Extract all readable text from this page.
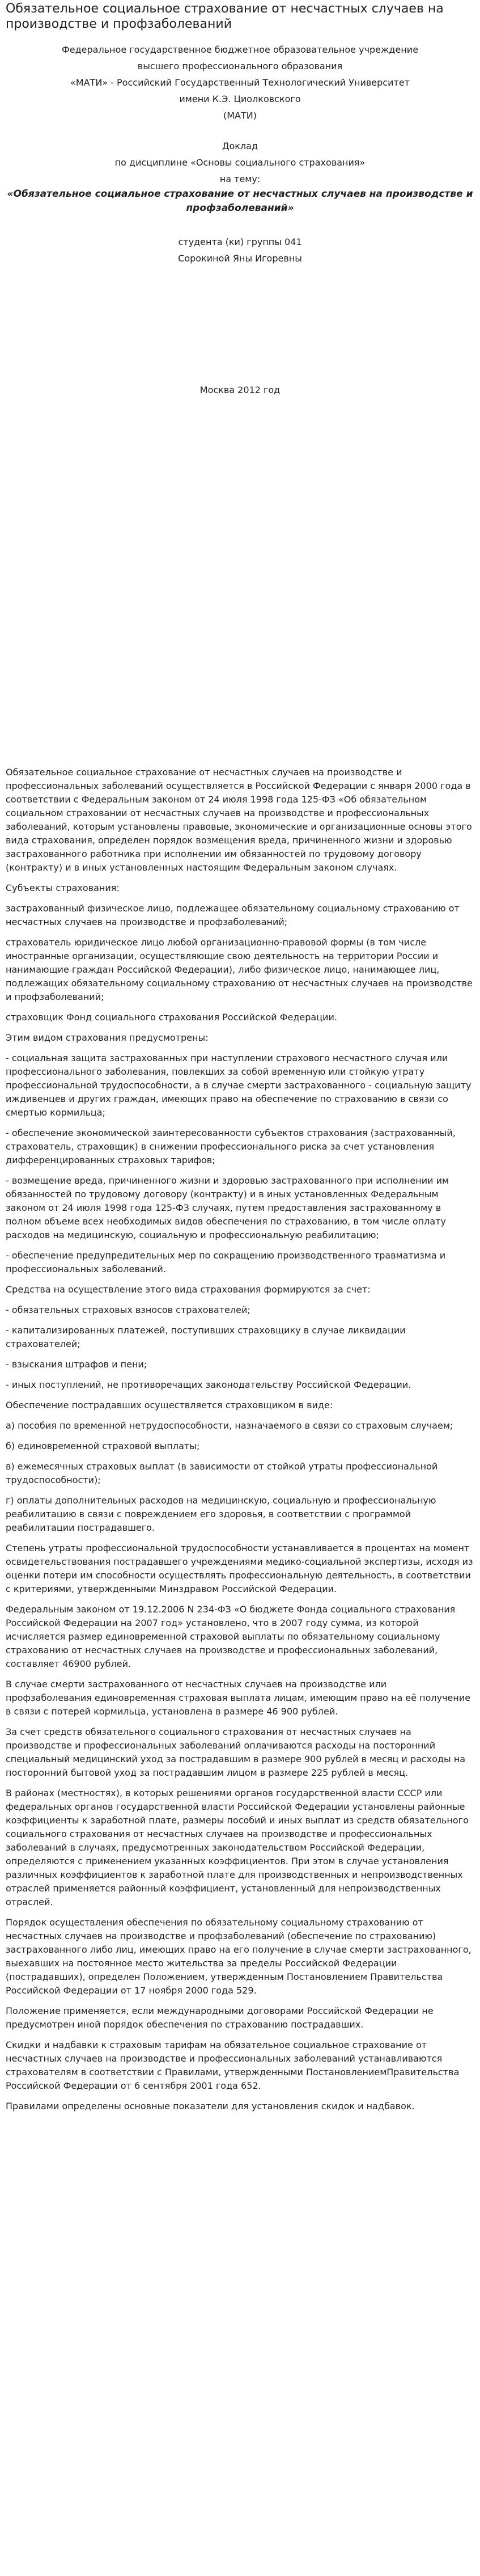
Обязательное социальное страхование от несчастных случаев на производстве и профзаболеваний

Федеральное государственное бюджетное образовательное учреждение

высшего профессионального образования

«МАТИ» - Российский Государственный Технологический Университет

имени К.Э. Циолковского

(МАТИ)

Доклад

по дисциплине «Основы социального страхования»

на тему:

«Обязательное социальное страхование от несчастных случаев на производстве и профзаболеваний»

студента (ки) группы 041

Сорокиной Яны Игоревны

Москва 2012 год

Обязательное социальное страхование от несчастных случаев на производстве и профессиональных заболеваний осуществляется в Российской Федерации с января 2000 года в соответствии с Федеральным законом от 24 июля 1998 года 125-ФЗ «Об обязательном социальном страховании от несчастных случаев на производстве и профессиональных заболеваний, которым установлены правовые, экономические и организационные основы этого вида страхования, определен порядок возмещения вреда, причиненного жизни и здоровью застрахованного работника при исполнении им обязанностей по трудовому договору (контракту) и в иных установленных настоящим Федеральным законом случаях.

Субъекты страхования:

застрахованный физическое лицо, подлежащее обязательному социальному страхованию от несчастных случаев на производстве и профзаболеваний;

страхователь юридическое лицо любой организационно-правовой формы (в том числе иностранные организации, осуществляющие свою деятельность на территории России и нанимающие граждан Российской Федерации), либо физическое лицо, нанимающее лиц, подлежащих обязательному социальному страхованию от несчастных случаев на производстве и профзаболеваний;

страховщик Фонд социального страхования Российской Федерации.

Этим видом страхования предусмотрены:

- социальная защита застрахованных при наступлении страхового несчастного случая или профессионального заболевания, повлекших за собой временную или стойкую утрату профессиональной трудоспособности, а в случае смерти застрахованного - социальную защиту иждивенцев и других граждан, имеющих право на обеспечение по страхованию в связи со смертью кормильца;

- обеспечение экономической заинтересованности субъектов страхования (застрахованный, страхователь, страховщик) в снижении профессионального риска за счет установления дифференцированных страховых тарифов;

- возмещение вреда, причиненного жизни и здоровью застрахованного при исполнении им обязанностей по трудовому договору (контракту) и в иных установленных Федеральным законом от 24 июля 1998 года 125-ФЗ случаях, путем предоставления застрахованному в полном объеме всех необходимых видов обеспечения по страхованию, в том числе оплату расходов на медицинскую, социальную и профессиональную реабилитацию;

- обеспечение предупредительных мер по сокращению производственного травматизма и профессиональных заболеваний.

Средства на осуществление этого вида страхования формируются за счет:

- обязательных страховых взносов страхователей;

- капитализированных платежей, поступивших страховщику в случае ликвидации страхователей;

- взыскания штрафов и пени;

- иных поступлений, не противоречащих законодательству Российской Федерации.

Обеспечение пострадавших осуществляется страховщиком в виде:

а) пособия по временной нетрудоспособности, назначаемого в связи со страховым случаем;

б) единовременной страховой выплаты;

в) ежемесячных страховых выплат (в зависимости от стойкой утраты профессиональной трудоспособности);

г) оплаты дополнительных расходов на медицинскую, социальную и профессиональную реабилитацию в связи с повреждением его здоровья, в соответствии с программой реабилитации пострадавшего.

Степень утраты профессиональной трудоспособности устанавливается в процентах на момент освидетельствования пострадавшего учреждениями медико-социальной экспертизы, исходя из оценки потери им способности осуществлять профессиональную деятельность, в соответствии с критериями, утвержденными Минздравом Российской Федерации.

Федеральным законом от 19.12.2006 N 234-ФЗ «О бюджете Фонда социального страхования Российской Федерации на 2007 год» установлено, что в 2007 году сумма, из которой исчисляется размер единовременной страховой выплаты по обязательному социальному страхованию от несчастных случаев на производстве и профессиональных заболеваний, составляет 46900 рублей.

В случае смерти застрахованного от несчастных случаев на производстве или профзаболевания единовременная страховая выплата лицам, имеющим право на её получение в связи с потерей кормильца, установлена в размере 46 900 рублей.

За счет средств обязательного социального страхования от несчастных случаев на производстве и профессиональных заболеваний оплачиваются расходы на посторонний специальный медицинский уход за пострадавшим в размере 900 рублей в месяц и расходы на посторонний бытовой уход за пострадавшим лицом в размере 225 рублей в месяц.

В районах (местностях), в которых решениями органов государственной власти СССР или федеральных органов государственной власти Российской Федерации установлены районные коэффициенты к заработной плате, размеры пособий и иных выплат из средств обязательного социального страхования от несчастных случаев на производстве и профессиональных заболеваний в случаях, предусмотренных законодательством Российской Федерации, определяются с применением указанных коэффициентов. При этом в случае установления различных коэффициентов к заработной плате для производственных и непроизводственных отраслей применяется районный коэффициент, установленный для непроизводственных отраслей.

Порядок осуществления обеспечения по обязательному социальному страхованию от несчастных случаев на производстве и профзаболеваний (обеспечение по страхованию) застрахованного либо лиц, имеющих право на его получение в случае смерти застрахованного, выехавших на постоянное место жительства за пределы Российской Федерации (пострадавших), определен Положением, утвержденным Постановлением Правительства Российской Федерации от 17 ноября 2000 года 529.

Положение применяется, если международными договорами Российской Федерации не предусмотрен иной порядок обеспечения по страхованию пострадавших.

Скидки и надбавки к страховым тарифам на обязательное социальное страхование от несчастных случаев на производстве и профессиональных заболеваний устанавливаются страхователям в соответствии с Правилами, утвержденными ПостановлениемПравительства Российской Федерации от 6 сентября 2001 года 652.

Правилами определены основные показатели для установления скидок и надбавок.
